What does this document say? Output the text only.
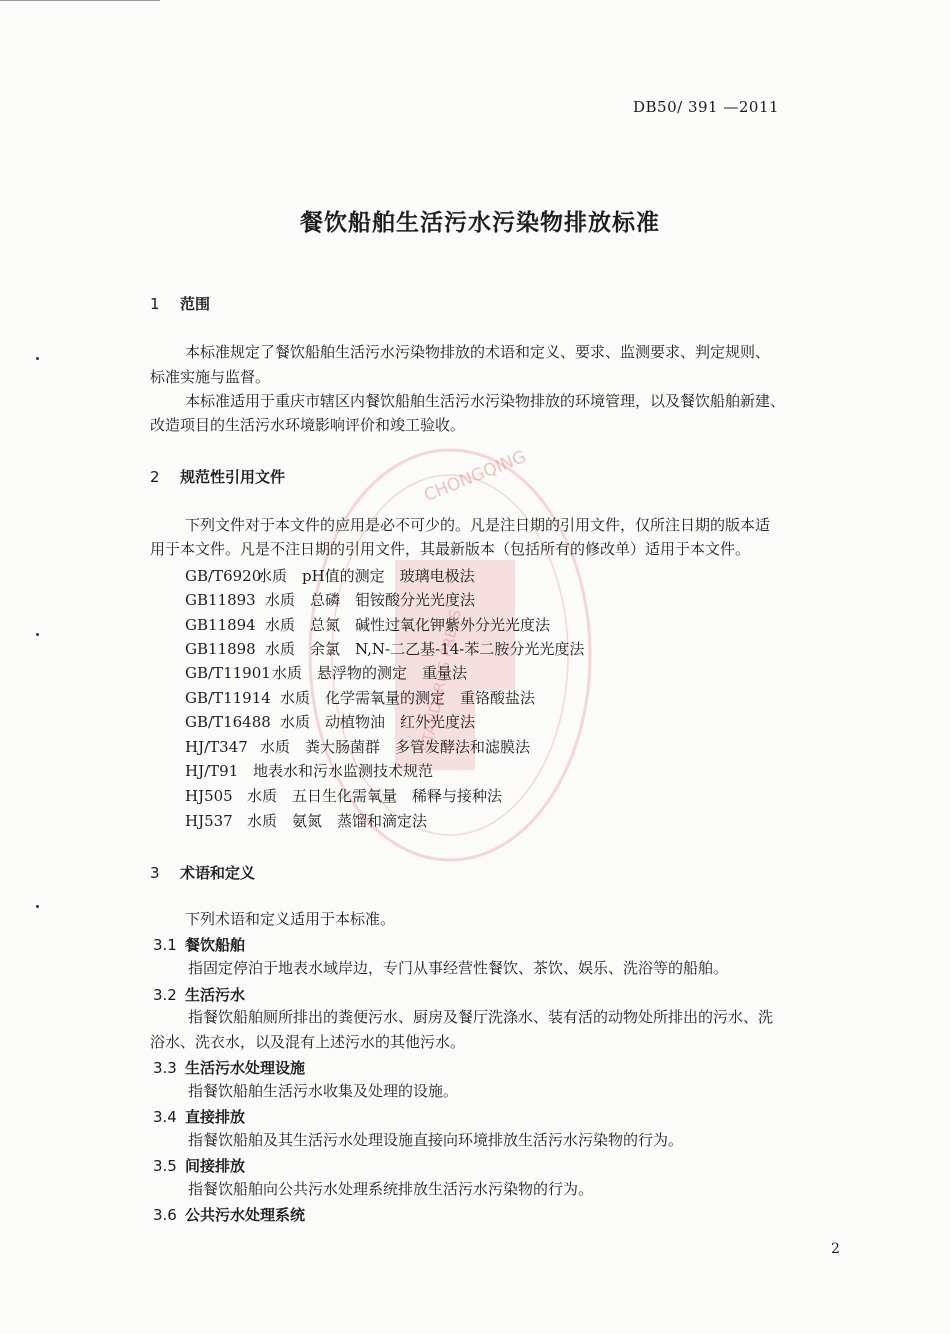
DB50/ 391 —2011
餐饮船舶生活污水污染物排放标准
CHONGQING
STANDARDS PRESS
1 范围
本标准规定了餐饮船舶生活污水污染物排放的术语和定义、要求、监测要求、判定规则、
标准实施与监督。
本标准适用于重庆市辖区内餐饮船舶生活污水污染物排放的环境管理，以及餐饮船舶新建、
改造项目的生活污水环境影响评价和竣工验收。
2 规范性引用文件
下列文件对于本文件的应用是必不可少的。凡是注日期的引用文件，仅所注日期的版本适
用于本文件。凡是不注日期的引用文件，其最新版本（包括所有的修改单）适用于本文件。
GB/T6920水质　pH值的测定　玻璃电极法
GB11893 水质　总磷　钼铵酸分光光度法
GB11894 水质　总氮　碱性过氧化钾紫外分光光度法
GB11898 水质　余氯　N,N-二乙基-14-苯二胺分光光度法
GB/T11901水质　悬浮物的测定　重量法
GB/T11914 水质　化学需氧量的测定　重铬酸盐法
GB/T16488 水质　动植物油　红外光度法
HJ/T347 水质　粪大肠菌群　多管发酵法和滤膜法
HJ/T91 地表水和污水监测技术规范
HJ505 水质　五日生化需氧量　稀释与接种法
HJ537 水质　氨氮　蒸馏和滴定法
3 术语和定义
下列术语和定义适用于本标准。
3.1 餐饮船舶
指固定停泊于地表水域岸边，专门从事经营性餐饮、茶饮、娱乐、洗浴等的船舶。
3.2 生活污水
指餐饮船舶厕所排出的粪便污水、厨房及餐厅洗涤水、装有活的动物处所排出的污水、洗
浴水、洗衣水，以及混有上述污水的其他污水。
3.3 生活污水处理设施
指餐饮船舶生活污水收集及处理的设施。
3.4 直接排放
指餐饮船舶及其生活污水处理设施直接向环境排放生活污水污染物的行为。
3.5 间接排放
指餐饮船舶向公共污水处理系统排放生活污水污染物的行为。
3.6 公共污水处理系统
2
